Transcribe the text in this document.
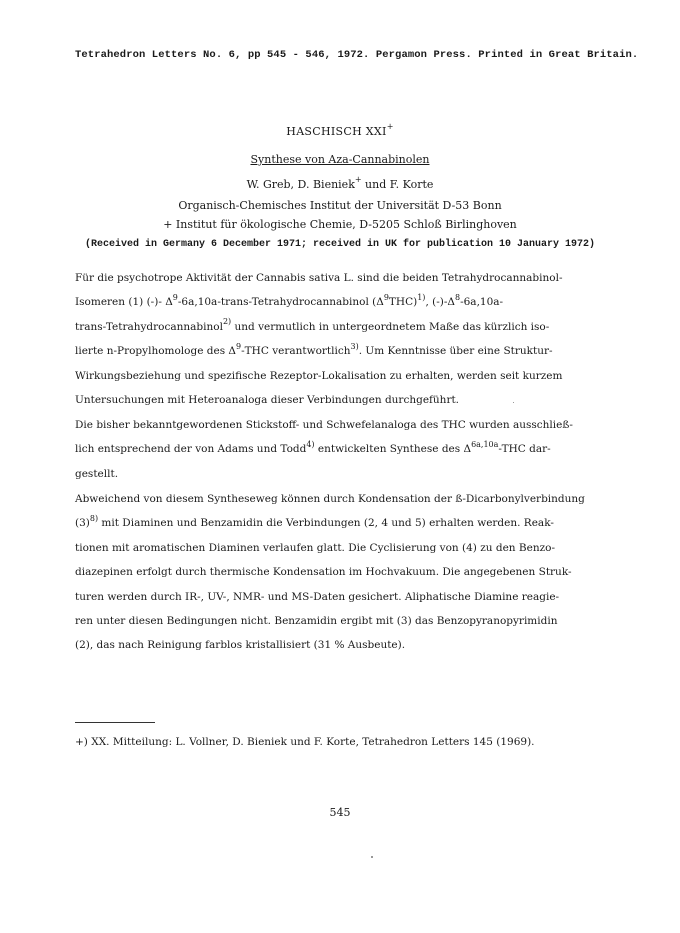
Tetrahedron Letters No. 6, pp 545 - 546, 1972. Pergamon Press. Printed in Great Britain.
HASCHISCH XXI+
Synthese von Aza-Cannabinolen
W. Greb, D. Bieniek+ und F. Korte
Organisch-Chemisches Institut der Universität D-53 Bonn
+ Institut für ökologische Chemie, D-5205 Schloß Birlinghoven
(Received in Germany 6 December 1971; received in UK for publication 10 January 1972)
Für die psychotrope Aktivität der Cannabis sativa L. sind die beiden Tetrahydrocannabinol-
Isomeren (1) (-)- $\Delta^9-6a,10a-trans$-Tetrahydrocannabinol $(\Delta^9THC)^{1)}$, $(-)-\Delta^8-6a,10a-$
trans-Tetrahydrocannabinol$^{2)}$ und vermutlich in untergeordnetem Maße das kürzlich iso-
lierte n-Propylhomologe des $\Delta^9$-THC verantwortlich$^{3)}$. Um Kenntnisse über eine Struktur-
Wirkungsbeziehung und spezifische Rezeptor-Lokalisation zu erhalten, werden seit kurzem
Untersuchungen mit Heteroanaloga dieser Verbindungen durchgeführt.
Die bisher bekanntgewordenen Stickstoff- und Schwefelanaloga des THC wurden ausschließ-
lich entsprechend der von Adams und Todd$^{4)}$ entwickelten Synthese des $\Delta^{6a,10a}$-THC dar-
gestellt.
Abweichend von diesem Syntheseweg können durch Kondensation der ß-Dicarbonylverbindung
$(3)^{8)}$ mit Diaminen und Benzamidin die Verbindungen (2, 4 und 5) erhalten werden. Reak-
tionen mit aromatischen Diaminen verlaufen glatt. Die Cyclisierung von (4) zu den Benzo-
diazepinen erfolgt durch thermische Kondensation im Hochvakuum. Die angegebenen Struk-
turen werden durch IR-, UV-, NMR- und MS-Daten gesichert. Aliphatische Diamine reagie-
ren unter diesen Bedingungen nicht. Benzamidin ergibt mit (3) das Benzopyranopyrimidin
(2), das nach Reinigung farblos kristallisiert (31 % Ausbeute).
+) XX. Mitteilung: L. Vollner, D. Bieniek und F. Korte, Tetrahedron Letters 145 (1969).
545
